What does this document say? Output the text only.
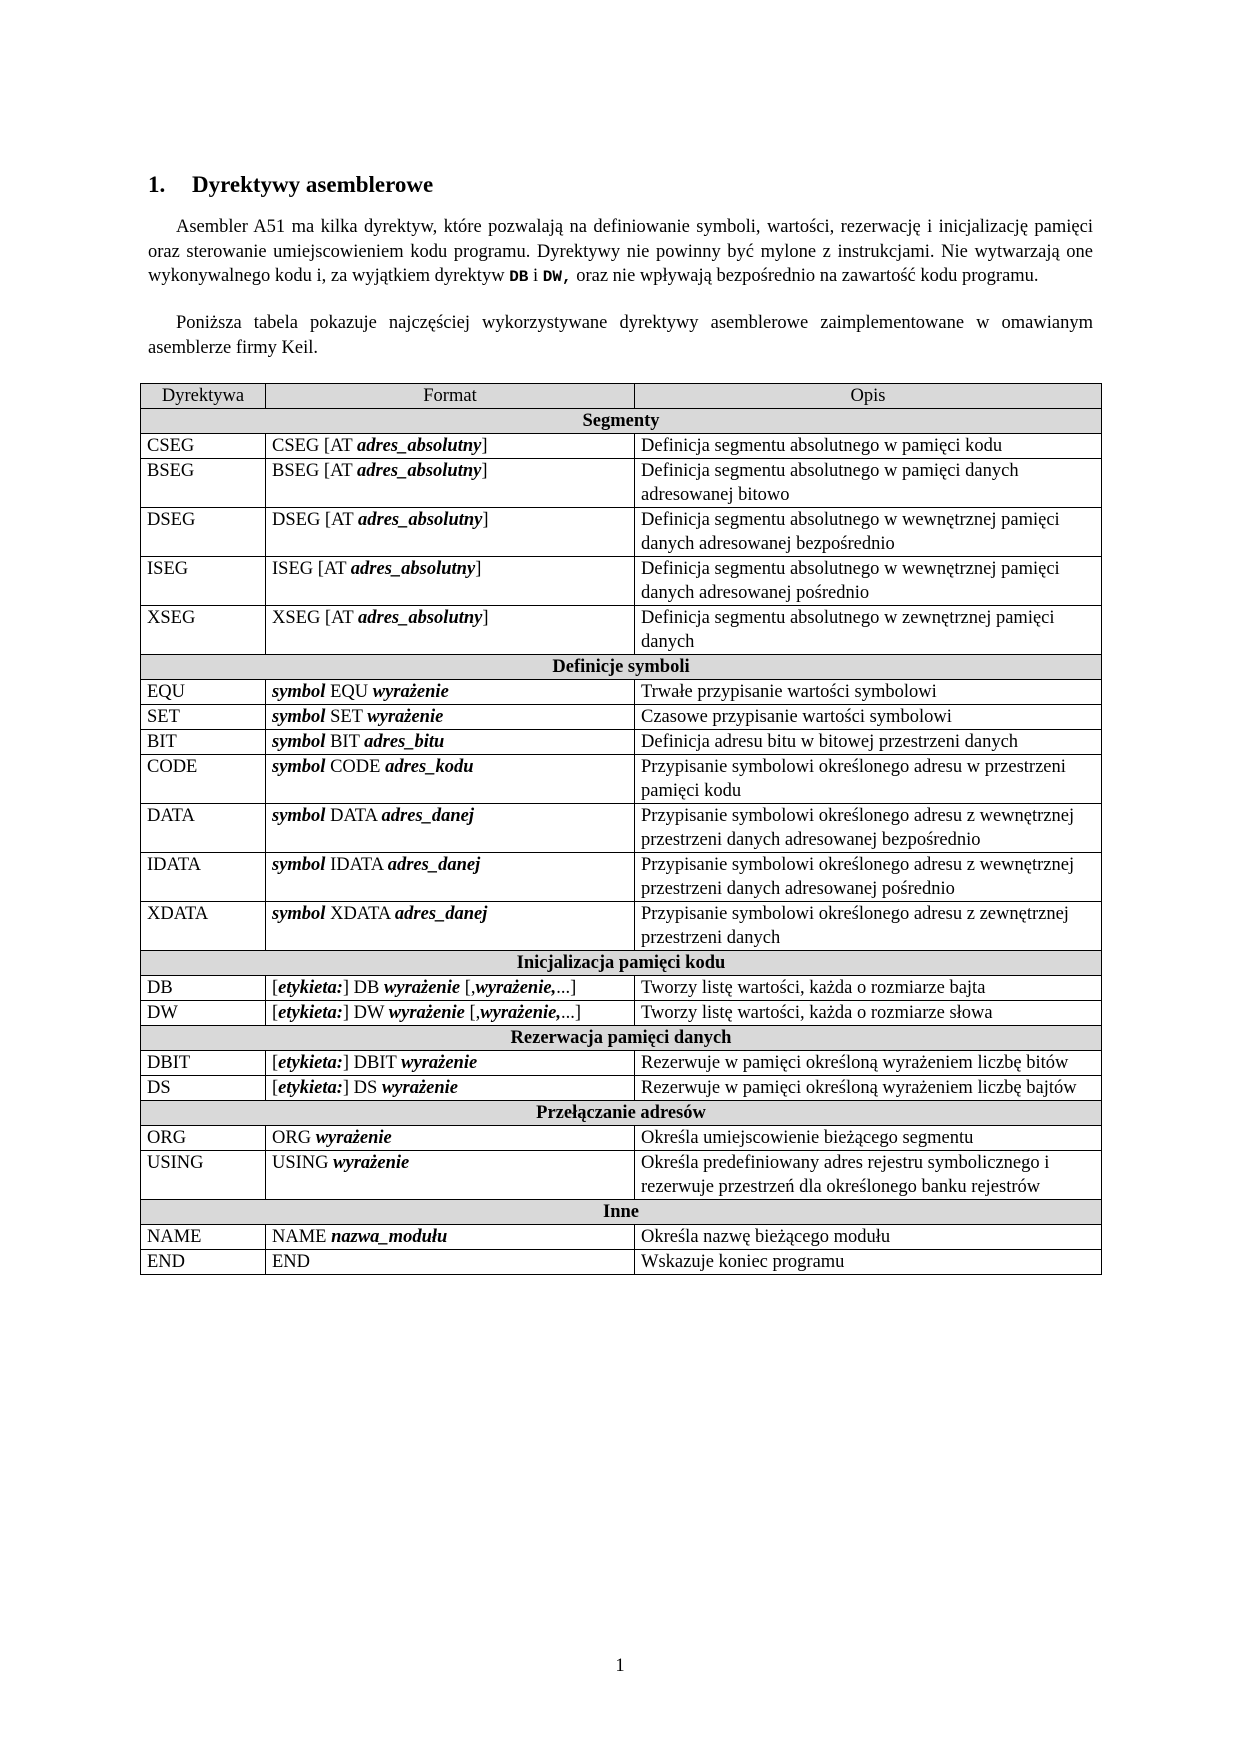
1. Dyrektywy asemblerowe

Asembler A51 ma kilka dyrektyw, które pozwalają na definiowanie symboli, wartości, rezerwację i inicjalizację pamięci oraz sterowanie umiejscowieniem kodu programu. Dyrektywy nie powinny być mylone z instrukcjami. Nie wytwarzają one wykonywalnego kodu i, za wyjątkiem dyrektyw DB i DW, oraz nie wpływają bezpośrednio na zawartość kodu programu.

Poniższa tabela pokazuje najczęściej wykorzystywane dyrektywy asemblerowe zaimplementowane w omawianym asemblerze firmy Keil.

Dyrektywa	Format	Opis
Segmenty		
CSEG	CSEG [AT adres_absolutny]	Definicja segmentu absolutnego w pamięci kodu
BSEG	BSEG [AT adres_absolutny]	Definicja segmentu absolutnego w pamięci danych adresowanej bitowo
DSEG	DSEG [AT adres_absolutny]	Definicja segmentu absolutnego w wewnętrznej pamięci danych adresowanej bezpośrednio
ISEG	ISEG [AT adres_absolutny]	Definicja segmentu absolutnego w wewnętrznej pamięci danych adresowanej pośrednio
XSEG	XSEG [AT adres_absolutny]	Definicja segmentu absolutnego w zewnętrznej pamięci danych
Definicje symboli		
EQU	symbol EQU wyrażenie	Trwałe przypisanie wartości symbolowi
SET	symbol SET wyrażenie	Czasowe przypisanie wartości symbolowi
BIT	symbol BIT adres_bitu	Definicja adresu bitu w bitowej przestrzeni danych
CODE	symbol CODE adres_kodu	Przypisanie symbolowi określonego adresu w przestrzeni pamięci kodu
DATA	symbol DATA adres_danej	Przypisanie symbolowi określonego adresu z wewnętrznej przestrzeni danych adresowanej bezpośrednio
IDATA	symbol IDATA adres_danej	Przypisanie symbolowi określonego adresu z wewnętrznej przestrzeni danych adresowanej pośrednio
XDATA	symbol XDATA adres_danej	Przypisanie symbolowi określonego adresu z zewnętrznej przestrzeni danych
Inicjalizacja pamięci kodu		
DB	[etykieta:] DB wyrażenie [,wyrażenie,...]	Tworzy listę wartości, każda o rozmiarze bajta
DW	[etykieta:] DW wyrażenie [,wyrażenie,...]	Tworzy listę wartości, każda o rozmiarze słowa
Rezerwacja pamięci danych		
DBIT	[etykieta:] DBIT wyrażenie	Rezerwuje w pamięci określoną wyrażeniem liczbę bitów
DS	[etykieta:] DS wyrażenie	Rezerwuje w pamięci określoną wyrażeniem liczbę bajtów
Przełączanie adresów		
ORG	ORG wyrażenie	Określa umiejscowienie bieżącego segmentu
USING	USING wyrażenie	Określa predefiniowany adres rejestru symbolicznego i rezerwuje przestrzeń dla określonego banku rejestrów
Inne		
NAME	NAME nazwa_modułu	Określa nazwę bieżącego modułu
END	END	Wskazuje koniec programu

1
